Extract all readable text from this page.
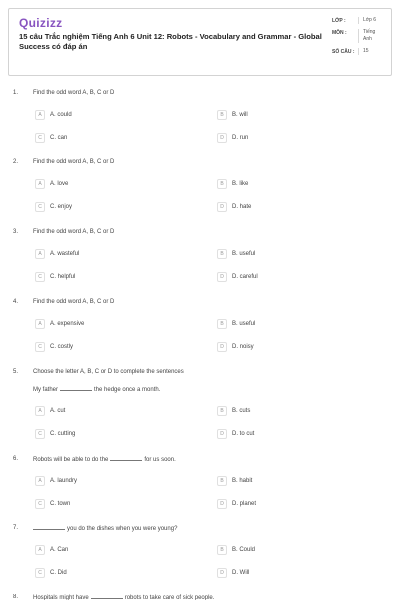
Quizizz
15 câu Trắc nghiệm Tiếng Anh 6 Unit 12: Robots - Vocabulary and Grammar - Global Success có đáp án
LỚP :	Lớp 6
MÔN :	Tiếng Anh
SỐ CÂU :	15
1. Find the odd word A, B, C or D
A	A. could	B	B. will
C	C. can	D	D. run
2. Find the odd word A, B, C or D
A	A. love	B	B. like
C	C. enjoy	D	D. hate
3. Find the odd word A, B, C or D
A	A. wasteful	B	B. useful
C	C. helpful	D	D. careful
4. Find the odd word A, B, C or D
A	A. expensive	B	B. useful
C	C. costly	D	D. noisy
5. Choose the letter A, B, C or D to complete the sentences
My father	the hedge once a month.
A	A. cut	B	B. cuts
C	C. cutting	D	D. to cut
6. Robots will be able to do the	for us soon.
A	A. laundry	B	B. habit
C	C. town	D	D. planet
7.	you do the dishes when you were young?
A	A. Can	B	B. Could
C	C. Did	D	D. Will
8. Hospitals might have	robots to take care of sick people.
